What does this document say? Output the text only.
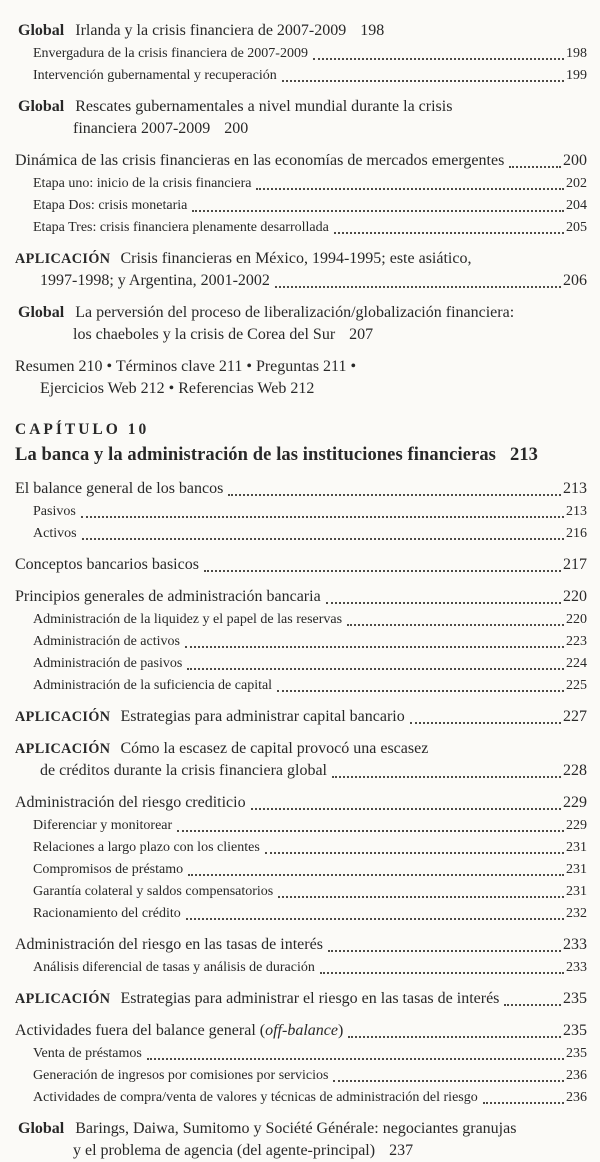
Global Irlanda y la crisis financiera de 2007-2009 198
Envergadura de la crisis financiera de 2007-2009	198
Intervención gubernamental y recuperación	199
Global Rescates gubernamentales a nivel mundial durante la crisis
financiera 2007-2009 200
Dinámica de las crisis financieras en las economías de mercados emergentes	200
Etapa uno: inicio de la crisis financiera	202
Etapa Dos: crisis monetaria	204
Etapa Tres: crisis financiera plenamente desarrollada	205
APLICACIÓN Crisis financieras en México, 1994-1995; este asiático,
1997-1998; y Argentina, 2001-2002	206
Global La perversión del proceso de liberalización/globalización financiera:
los chaeboles y la crisis de Corea del Sur 207
Resumen 210 • Términos clave 211 • Preguntas 211 •
Ejercicios Web 212 • Referencias Web 212
CAPÍTULO 10
La banca y la administración de las instituciones financieras 213
El balance general de los bancos	213
Pasivos	213
Activos	216
Conceptos bancarios basicos	217
Principios generales de administración bancaria	220
Administración de la liquidez y el papel de las reservas	220
Administración de activos	223
Administración de pasivos	224
Administración de la suficiencia de capital	225
APLICACIÓN Estrategias para administrar capital bancario	227
APLICACIÓN Cómo la escasez de capital provocó una escasez
de créditos durante la crisis financiera global	228
Administración del riesgo crediticio	229
Diferenciar y monitorear	229
Relaciones a largo plazo con los clientes	231
Compromisos de préstamo	231
Garantía colateral y saldos compensatorios	231
Racionamiento del crédito	232
Administración del riesgo en las tasas de interés	233
Análisis diferencial de tasas y análisis de duración	233
APLICACIÓN Estrategias para administrar el riesgo en las tasas de interés	235
Actividades fuera del balance general (off-balance)	235
Venta de préstamos	235
Generación de ingresos por comisiones por servicios	236
Actividades de compra/venta de valores y técnicas de administración del riesgo	236
Global Barings, Daiwa, Sumitomo y Société Générale: negociantes granujas
y el problema de agencia (del agente-principal) 237
